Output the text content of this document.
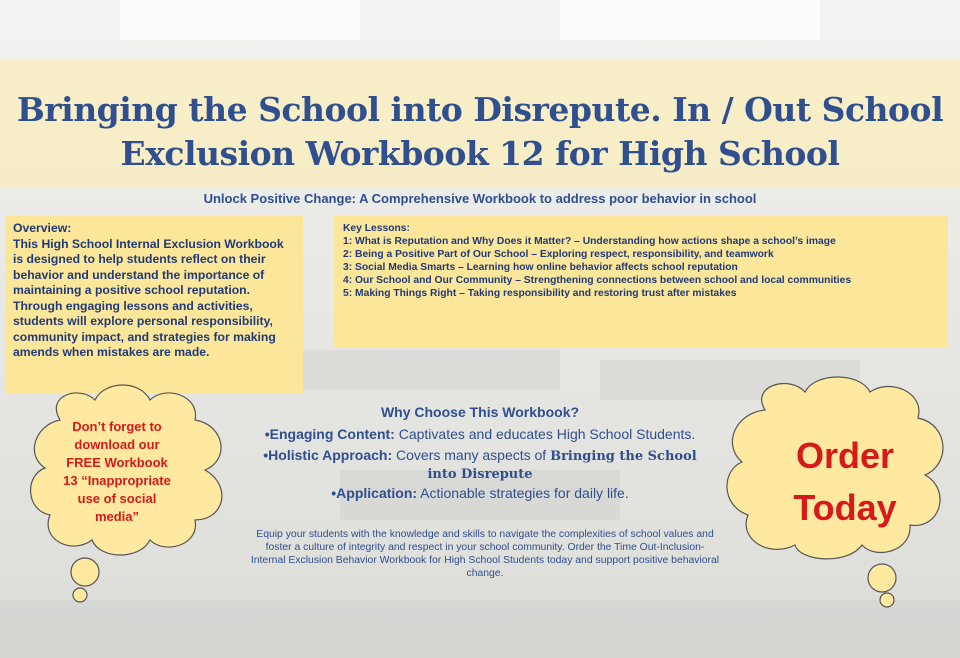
Bringing the School into Disrepute. In / Out School
Exclusion Workbook 12 for High School
Unlock Positive Change: A Comprehensive Workbook to address poor behavior in school
Overview:
This High School Internal Exclusion Workbook is designed to help students reflect on their behavior and understand the importance of maintaining a positive school reputation. Through engaging lessons and activities, students will explore personal responsibility, community impact, and strategies for making amends when mistakes are made.
Key Lessons:
1: What is Reputation and Why Does it Matter? – Understanding how actions shape a school’s image
2: Being a Positive Part of Our School – Exploring respect, responsibility, and teamwork
3: Social Media Smarts – Learning how online behavior affects school reputation
4: Our School and Our Community – Strengthening connections between school and local communities
5: Making Things Right – Taking responsibility and restoring trust after mistakes
Why Choose This Workbook?
•Engaging Content: Captivates and educates High School Students.
•Holistic Approach: Covers many aspects of Bringing the School
into Disrepute
•Application: Actionable strategies for daily life.
Equip your students with the knowledge and skills to navigate the complexities of school values and foster a culture of integrity and respect in your school community. Order the Time Out-Inclusion- Internal Exclusion Behavior Workbook for High School Students today and support positive behavioral change.
Don’t forget to
download our
FREE Workbook
13 “Inappropriate
use of social
media”
Order
Today
